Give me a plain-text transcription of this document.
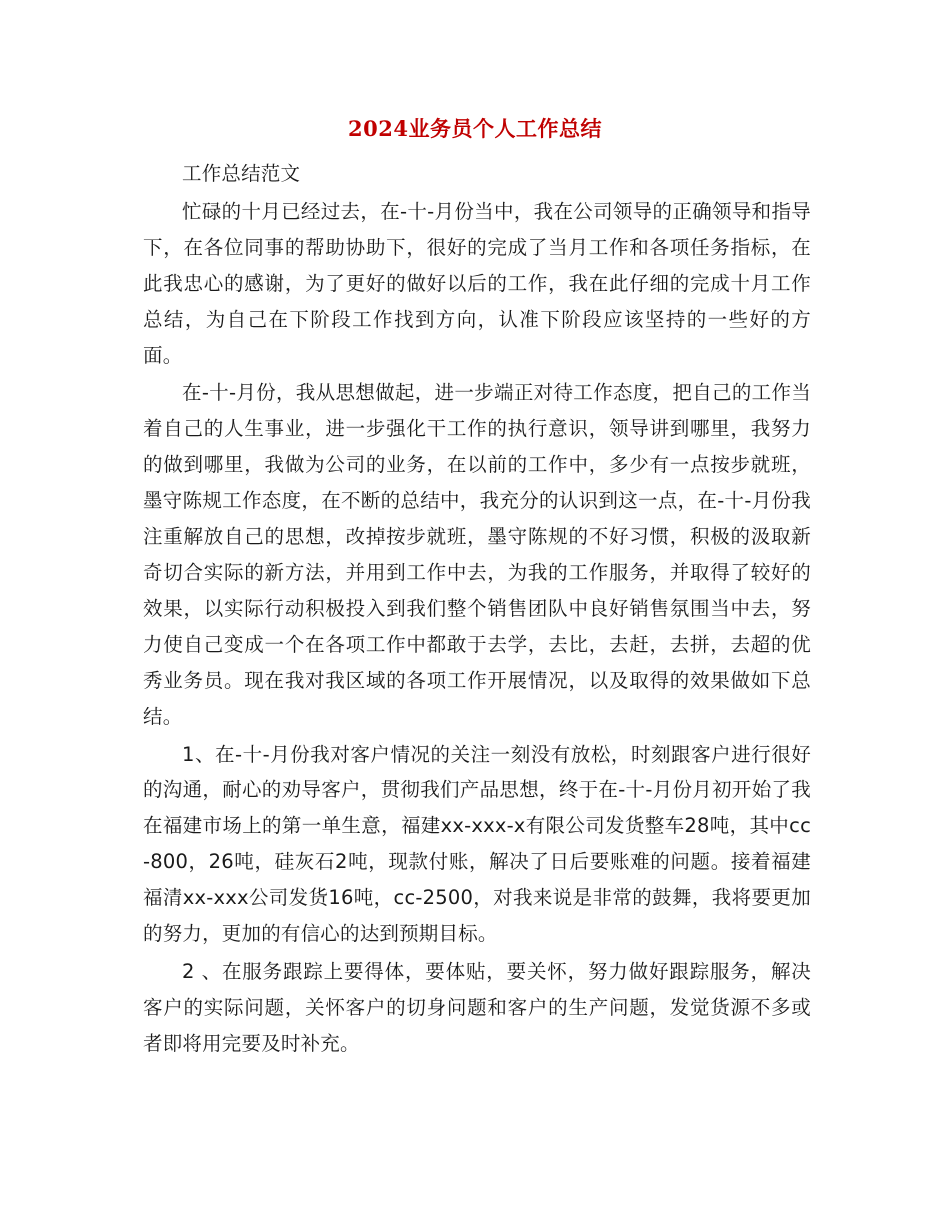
2024业务员个人工作总结

工作总结范文

忙碌的十月已经过去，在-十-月份当中，我在公司领导的正确领导和指导下，在各位同事的帮助协助下，很好的完成了当月工作和各项任务指标，在此我忠心的感谢，为了更好的做好以后的工作，我在此仔细的完成十月工作总结，为自己在下阶段工作找到方向，认准下阶段应该坚持的一些好的方面。

在-十-月份，我从思想做起，进一步端正对待工作态度，把自己的工作当着自己的人生事业，进一步强化干工作的执行意识，领导讲到哪里，我努力的做到哪里，我做为公司的业务，在以前的工作中，多少有一点按步就班，墨守陈规工作态度，在不断的总结中，我充分的认识到这一点，在-十-月份我注重解放自己的思想，改掉按步就班，墨守陈规的不好习惯，积极的汲取新奇切合实际的新方法，并用到工作中去，为我的工作服务，并取得了较好的效果，以实际行动积极投入到我们整个销售团队中良好销售氛围当中去，努力使自己变成一个在各项工作中都敢于去学，去比，去赶，去拼，去超的优秀业务员。现在我对我区域的各项工作开展情况，以及取得的效果做如下总结。

1、在-十-月份我对客户情况的关注一刻没有放松，时刻跟客户进行很好的沟通，耐心的劝导客户，贯彻我们产品思想，终于在-十-月份月初开始了我在福建市场上的第一单生意，福建xx-xxx-x有限公司发货整车28吨，其中cc-800，26吨，硅灰石2吨，现款付账，解决了日后要账难的问题。接着福建福清xx-xxx公司发货16吨，cc-2500，对我来说是非常的鼓舞，我将要更加的努力，更加的有信心的达到预期目标。

2 、在服务跟踪上要得体，要体贴，要关怀，努力做好跟踪服务，解决客户的实际问题，关怀客户的切身问题和客户的生产问题，发觉货源不多或者即将用完要及时补充。
